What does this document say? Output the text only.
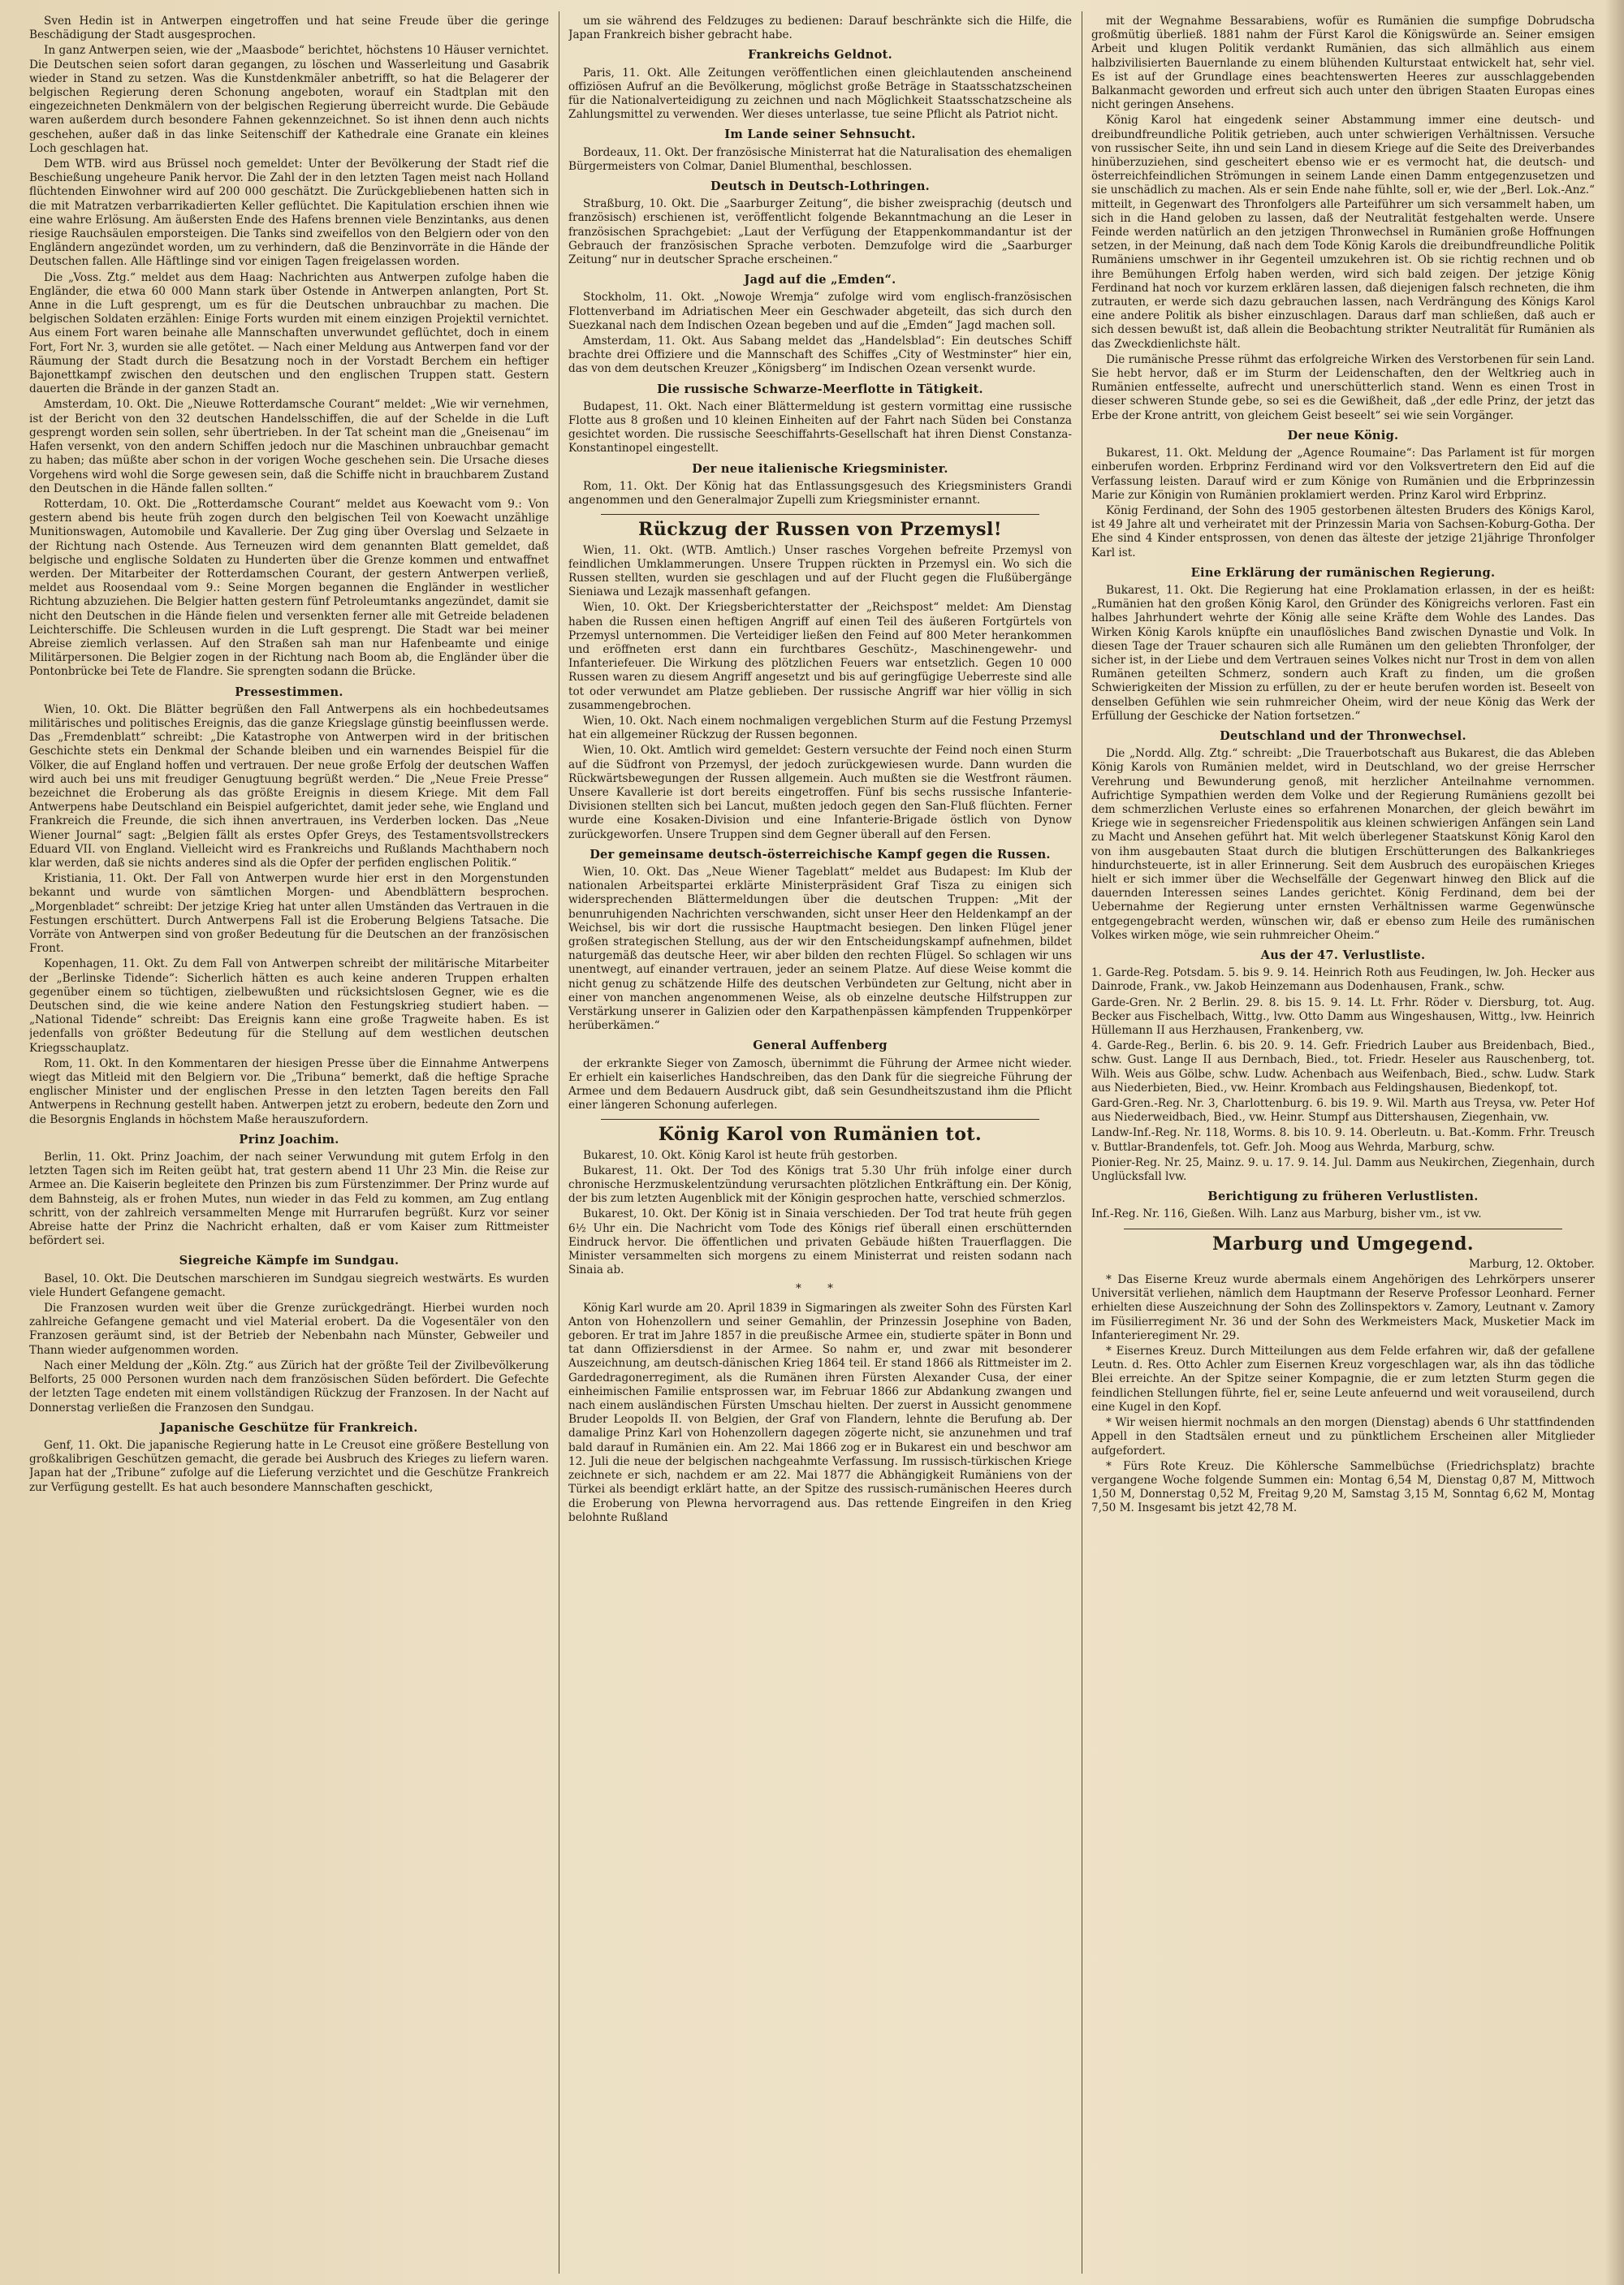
Sven Hedin ist in Antwerpen eingetroffen und hat seine Freude über die geringe Beschädigung der Stadt ausgesprochen.

In ganz Antwerpen seien, wie der „Maasbode“ berichtet, höchstens 10 Häuser vernichtet. Die Deutschen seien sofort daran gegangen, zu löschen und Wasserleitung und Gasabrik wieder in Stand zu setzen. Was die Kunstdenkmäler anbetrifft, so hat die Belagerer der belgischen Regierung deren Schonung angeboten, worauf ein Stadtplan mit den eingezeichneten Denkmälern von der belgischen Regierung überreicht wurde. Die Gebäude waren außerdem durch besondere Fahnen gekennzeichnet. So ist ihnen denn auch nichts geschehen, außer daß in das linke Seitenschiff der Kathedrale eine Granate ein kleines Loch geschlagen hat.

Dem WTB. wird aus Brüssel noch gemeldet: Unter der Bevölkerung der Stadt rief die Beschießung ungeheure Panik hervor. Die Zahl der in den letzten Tagen meist nach Holland flüchtenden Einwohner wird auf 200 000 geschätzt. Die Zurückgebliebenen hatten sich in die mit Matratzen verbarrikadierten Keller geflüchtet. Die Kapitulation erschien ihnen wie eine wahre Erlösung. Am äußersten Ende des Hafens brennen viele Benzintanks, aus denen riesige Rauchsäulen emporsteigen. Die Tanks sind zweifellos von den Belgiern oder von den Engländern angezündet worden, um zu verhindern, daß die Benzinvorräte in die Hände der Deutschen fallen. Alle Häftlinge sind vor einigen Tagen freigelassen worden.

Die „Voss. Ztg.“ meldet aus dem Haag: Nachrichten aus Antwerpen zufolge haben die Engländer, die etwa 60 000 Mann stark über Ostende in Antwerpen anlangten, Port St. Anne in die Luft gesprengt, um es für die Deutschen unbrauchbar zu machen. Die belgischen Soldaten erzählen: Einige Forts wurden mit einem einzigen Projektil vernichtet. Aus einem Fort waren beinahe alle Mannschaften unverwundet geflüchtet, doch in einem Fort, Fort Nr. 3, wurden sie alle getötet. — Nach einer Meldung aus Antwerpen fand vor der Räumung der Stadt durch die Besatzung noch in der Vorstadt Berchem ein heftiger Bajonettkampf zwischen den deutschen und den englischen Truppen statt. Gestern dauerten die Brände in der ganzen Stadt an.

Amsterdam, 10. Okt. Die „Nieuwe Rotterdamsche Courant“ meldet: „Wie wir vernehmen, ist der Bericht von den 32 deutschen Handelsschiffen, die auf der Schelde in die Luft gesprengt worden sein sollen, sehr übertrieben. In der Tat scheint man die „Gneisenau“ im Hafen versenkt, von den andern Schiffen jedoch nur die Maschinen unbrauchbar gemacht zu haben; das müßte aber schon in der vorigen Woche geschehen sein. Die Ursache dieses Vorgehens wird wohl die Sorge gewesen sein, daß die Schiffe nicht in brauchbarem Zustand den Deutschen in die Hände fallen sollten.“

Rotterdam, 10. Okt. Die „Rotterdamsche Courant“ meldet aus Koewacht vom 9.: Von gestern abend bis heute früh zogen durch den belgischen Teil von Koewacht unzählige Munitionswagen, Automobile und Kavallerie. Der Zug ging über Overslag und Selzaete in der Richtung nach Ostende. Aus Terneuzen wird dem genannten Blatt gemeldet, daß belgische und englische Soldaten zu Hunderten über die Grenze kommen und entwaffnet werden. Der Mitarbeiter der Rotterdamschen Courant, der gestern Antwerpen verließ, meldet aus Roosendaal vom 9.: Seine Morgen begannen die Engländer in westlicher Richtung abzuziehen. Die Belgier hatten gestern fünf Petroleumtanks angezündet, damit sie nicht den Deutschen in die Hände fielen und versenkten ferner alle mit Getreide beladenen Leichterschiffe. Die Schleusen wurden in die Luft gesprengt. Die Stadt war bei meiner Abreise ziemlich verlassen. Auf den Straßen sah man nur Hafenbeamte und einige Militärpersonen. Die Belgier zogen in der Richtung nach Boom ab, die Engländer über die Pontonbrücke bei Tete de Flandre. Sie sprengten sodann die Brücke.

Pressestimmen.

Wien, 10. Okt. Die Blätter begrüßen den Fall Antwerpens als ein hochbedeutsames militärisches und politisches Ereignis, das die ganze Kriegslage günstig beeinflussen werde. Das „Fremdenblatt“ schreibt: „Die Katastrophe von Antwerpen wird in der britischen Geschichte stets ein Denkmal der Schande bleiben und ein warnendes Beispiel für die Völker, die auf England hoffen und vertrauen. Der neue große Erfolg der deutschen Waffen wird auch bei uns mit freudiger Genugtuung begrüßt werden.“ Die „Neue Freie Presse“ bezeichnet die Eroberung als das größte Ereignis in diesem Kriege. Mit dem Fall Antwerpens habe Deutschland ein Beispiel aufgerichtet, damit jeder sehe, wie England und Frankreich die Freunde, die sich ihnen anvertrauen, ins Verderben locken. Das „Neue Wiener Journal“ sagt: „Belgien fällt als erstes Opfer Greys, des Testamentsvollstreckers Eduard VII. von England. Vielleicht wird es Frankreichs und Rußlands Machthabern noch klar werden, daß sie nichts anderes sind als die Opfer der perfiden englischen Politik.“

Kristiania, 11. Okt. Der Fall von Antwerpen wurde hier erst in den Morgenstunden bekannt und wurde von sämtlichen Morgen- und Abendblättern besprochen. „Morgenbladet“ schreibt: Der jetzige Krieg hat unter allen Umständen das Vertrauen in die Festungen erschüttert. Durch Antwerpens Fall ist die Eroberung Belgiens Tatsache. Die Vorräte von Antwerpen sind von großer Bedeutung für die Deutschen an der französischen Front.

Kopenhagen, 11. Okt. Zu dem Fall von Antwerpen schreibt der militärische Mitarbeiter der „Berlinske Tidende“: Sicherlich hätten es auch keine anderen Truppen erhalten gegenüber einem so tüchtigen, zielbewußten und rücksichtslosen Gegner, wie es die Deutschen sind, die wie keine andere Nation den Festungskrieg studiert haben. — „National Tidende“ schreibt: Das Ereignis kann eine große Tragweite haben. Es ist jedenfalls von größter Bedeutung für die Stellung auf dem westlichen deutschen Kriegsschauplatz.

Rom, 11. Okt. In den Kommentaren der hiesigen Presse über die Einnahme Antwerpens wiegt das Mitleid mit den Belgiern vor. Die „Tribuna“ bemerkt, daß die heftige Sprache englischer Minister und der englischen Presse in den letzten Tagen bereits den Fall Antwerpens in Rechnung gestellt haben. Antwerpen jetzt zu erobern, bedeute den Zorn und die Besorgnis Englands in höchstem Maße herauszufordern.

Prinz Joachim.

Berlin, 11. Okt. Prinz Joachim, der nach seiner Verwundung mit gutem Erfolg in den letzten Tagen sich im Reiten geübt hat, trat gestern abend 11 Uhr 23 Min. die Reise zur Armee an. Die Kaiserin begleitete den Prinzen bis zum Fürstenzimmer. Der Prinz wurde auf dem Bahnsteig, als er frohen Mutes, nun wieder in das Feld zu kommen, am Zug entlang schritt, von der zahlreich versammelten Menge mit Hurrarufen begrüßt. Kurz vor seiner Abreise hatte der Prinz die Nachricht erhalten, daß er vom Kaiser zum Rittmeister befördert sei.

Siegreiche Kämpfe im Sundgau.

Basel, 10. Okt. Die Deutschen marschieren im Sundgau siegreich westwärts. Es wurden viele Hundert Gefangene gemacht.

Die Franzosen wurden weit über die Grenze zurückgedrängt. Hierbei wurden noch zahlreiche Gefangene gemacht und viel Material erobert. Da die Vogesentäler von den Franzosen geräumt sind, ist der Betrieb der Nebenbahn nach Münster, Gebweiler und Thann wieder aufgenommen worden.

Nach einer Meldung der „Köln. Ztg.“ aus Zürich hat der größte Teil der Zivilbevölkerung Belforts, 25 000 Personen wurden nach dem französischen Süden befördert. Die Gefechte der letzten Tage endeten mit einem vollständigen Rückzug der Franzosen. In der Nacht auf Donnerstag verließen die Franzosen den Sundgau.

Japanische Geschütze für Frankreich.

Genf, 11. Okt. Die japanische Regierung hatte in Le Creusot eine größere Bestellung von großkalibrigen Geschützen gemacht, die gerade bei Ausbruch des Krieges zu liefern waren. Japan hat der „Tribune“ zufolge auf die Lieferung verzichtet und die Geschütze Frankreich zur Verfügung gestellt. Es hat auch besondere Mannschaften geschickt,

um sie während des Feldzuges zu bedienen: Darauf beschränkte sich die Hilfe, die Japan Frankreich bisher gebracht habe.

Frankreichs Geldnot.

Paris, 11. Okt. Alle Zeitungen veröffentlichen einen gleichlautenden anscheinend offiziösen Aufruf an die Bevölkerung, möglichst große Beträge in Staatsschatzscheinen für die Nationalverteidigung zu zeichnen und nach Möglichkeit Staatsschatzscheine als Zahlungsmittel zu verwenden. Wer dieses unterlasse, tue seine Pflicht als Patriot nicht.

Im Lande seiner Sehnsucht.

Bordeaux, 11. Okt. Der französische Ministerrat hat die Naturalisation des ehemaligen Bürgermeisters von Colmar, Daniel Blumenthal, beschlossen.

Deutsch in Deutsch-Lothringen.

Straßburg, 10. Okt. Die „Saarburger Zeitung“, die bisher zweisprachig (deutsch und französisch) erschienen ist, veröffentlicht folgende Bekanntmachung an die Leser in französischen Sprachgebiet: „Laut der Verfügung der Etappenkommandantur ist der Gebrauch der französischen Sprache verboten. Demzufolge wird die „Saarburger Zeitung“ nur in deutscher Sprache erscheinen.“

Jagd auf die „Emden“.

Stockholm, 11. Okt. „Nowoje Wremja“ zufolge wird vom englisch-französischen Flottenverband im Adriatischen Meer ein Geschwader abgeteilt, das sich durch den Suezkanal nach dem Indischen Ozean begeben und auf die „Emden“ Jagd machen soll.

Amsterdam, 11. Okt. Aus Sabang meldet das „Handelsblad“: Ein deutsches Schiff brachte drei Offiziere und die Mannschaft des Schiffes „City of Westminster“ hier ein, das von dem deutschen Kreuzer „Königsberg“ im Indischen Ozean versenkt wurde.

Die russische Schwarze-Meerflotte in Tätigkeit.

Budapest, 11. Okt. Nach einer Blättermeldung ist gestern vormittag eine russische Flotte aus 8 großen und 10 kleinen Einheiten auf der Fahrt nach Süden bei Constanza gesichtet worden. Die russische Seeschiffahrts-Gesellschaft hat ihren Dienst Constanza-Konstantinopel eingestellt.

Der neue italienische Kriegsminister.

Rom, 11. Okt. Der König hat das Entlassungsgesuch des Kriegsministers Grandi angenommen und den Generalmajor Zupelli zum Kriegsminister ernannt.

Rückzug der Russen von Przemysl!

Wien, 11. Okt. (WTB. Amtlich.) Unser rasches Vorgehen befreite Przemysl von feindlichen Umklammerungen. Unsere Truppen rückten in Przemysl ein. Wo sich die Russen stellten, wurden sie geschlagen und auf der Flucht gegen die Flußübergänge Sieniawa und Lezajk massenhaft gefangen.

Wien, 10. Okt. Der Kriegsberichterstatter der „Reichspost“ meldet: Am Dienstag haben die Russen einen heftigen Angriff auf einen Teil des äußeren Fortgürtels von Przemysl unternommen. Die Verteidiger ließen den Feind auf 800 Meter herankommen und eröffneten erst dann ein furchtbares Geschütz-, Maschinengewehr- und Infanteriefeuer. Die Wirkung des plötzlichen Feuers war entsetzlich. Gegen 10 000 Russen waren zu diesem Angriff angesetzt und bis auf geringfügige Ueberreste sind alle tot oder verwundet am Platze geblieben. Der russische Angriff war hier völlig in sich zusammengebrochen.

Wien, 10. Okt. Nach einem nochmaligen vergeblichen Sturm auf die Festung Przemysl hat ein allgemeiner Rückzug der Russen begonnen.

Wien, 10. Okt. Amtlich wird gemeldet: Gestern versuchte der Feind noch einen Sturm auf die Südfront von Przemysl, der jedoch zurückgewiesen wurde. Dann wurden die Rückwärtsbewegungen der Russen allgemein. Auch mußten sie die Westfront räumen. Unsere Kavallerie ist dort bereits eingetroffen. Fünf bis sechs russische Infanterie-Divisionen stellten sich bei Lancut, mußten jedoch gegen den San-Fluß flüchten. Ferner wurde eine Kosaken-Division und eine Infanterie-Brigade östlich von Dynow zurückgeworfen. Unsere Truppen sind dem Gegner überall auf den Fersen.

Der gemeinsame deutsch-österreichische Kampf gegen die Russen.

Wien, 10. Okt. Das „Neue Wiener Tageblatt“ meldet aus Budapest: Im Klub der nationalen Arbeitspartei erklärte Ministerpräsident Graf Tisza zu einigen sich widersprechenden Blättermeldungen über die deutschen Truppen: „Mit der benunruhigenden Nachrichten verschwanden, sicht unser Heer den Heldenkampf an der Weichsel, bis wir dort die russische Hauptmacht besiegen. Den linken Flügel jener großen strategischen Stellung, aus der wir den Entscheidungskampf aufnehmen, bildet naturgemäß das deutsche Heer, wir aber bilden den rechten Flügel. So schlagen wir uns unentwegt, auf einander vertrauen, jeder an seinem Platze. Auf diese Weise kommt die nicht genug zu schätzende Hilfe des deutschen Verbündeten zur Geltung, nicht aber in einer von manchen angenommenen Weise, als ob einzelne deutsche Hilfstruppen zur Verstärkung unserer in Galizien oder den Karpathenpässen kämpfenden Truppenkörper herüberkämen.“

General Auffenberg

der erkrankte Sieger von Zamosch, übernimmt die Führung der Armee nicht wieder. Er erhielt ein kaiserliches Handschreiben, das den Dank für die siegreiche Führung der Armee und dem Bedauern Ausdruck gibt, daß sein Gesundheitszustand ihm die Pflicht einer längeren Schonung auferlegen.

König Karol von Rumänien tot.

Bukarest, 10. Okt. König Karol ist heute früh gestorben.

Bukarest, 11. Okt. Der Tod des Königs trat 5.30 Uhr früh infolge einer durch chronische Herzmuskelentzündung verursachten plötzlichen Entkräftung ein. Der König, der bis zum letzten Augenblick mit der Königin gesprochen hatte, verschied schmerzlos.

Bukarest, 10. Okt. Der König ist in Sinaia verschieden. Der Tod trat heute früh gegen 6½ Uhr ein. Die Nachricht vom Tode des Königs rief überall einen erschütternden Eindruck hervor. Die öffentlichen und privaten Gebäude hißten Trauerflaggen. Die Minister versammelten sich morgens zu einem Ministerrat und reisten sodann nach Sinaia ab.

* *

König Karl wurde am 20. April 1839 in Sigmaringen als zweiter Sohn des Fürsten Karl Anton von Hohenzollern und seiner Gemahlin, der Prinzessin Josephine von Baden, geboren. Er trat im Jahre 1857 in die preußische Armee ein, studierte später in Bonn und tat dann Offiziersdienst in der Armee. So nahm er, und zwar mit besonderer Auszeichnung, am deutsch-dänischen Krieg 1864 teil. Er stand 1866 als Rittmeister im 2. Gardedragonerregiment, als die Rumänen ihren Fürsten Alexander Cusa, der einer einheimischen Familie entsprossen war, im Februar 1866 zur Abdankung zwangen und nach einem ausländischen Fürsten Umschau hielten. Der zuerst in Aussicht genommene Bruder Leopolds II. von Belgien, der Graf von Flandern, lehnte die Berufung ab. Der damalige Prinz Karl von Hohenzollern dagegen zögerte nicht, sie anzunehmen und traf bald darauf in Rumänien ein. Am 22. Mai 1866 zog er in Bukarest ein und beschwor am 12. Juli die neue der belgischen nachgeahmte Verfassung. Im russisch-türkischen Kriege zeichnete er sich, nachdem er am 22. Mai 1877 die Abhängigkeit Rumäniens von der Türkei als beendigt erklärt hatte, an der Spitze des russisch-rumänischen Heeres durch die Eroberung von Plewna hervorragend aus. Das rettende Eingreifen in den Krieg belohnte Rußland

mit der Wegnahme Bessarabiens, wofür es Rumänien die sumpfige Dobrudscha großmütig überließ. 1881 nahm der Fürst Karol die Königswürde an. Seiner emsigen Arbeit und klugen Politik verdankt Rumänien, das sich allmählich aus einem halbzivilisierten Bauernlande zu einem blühenden Kulturstaat entwickelt hat, sehr viel. Es ist auf der Grundlage eines beachtenswerten Heeres zur ausschlaggebenden Balkanmacht geworden und erfreut sich auch unter den übrigen Staaten Europas eines nicht geringen Ansehens.

König Karol hat eingedenk seiner Abstammung immer eine deutsch- und dreibundfreundliche Politik getrieben, auch unter schwierigen Verhältnissen. Versuche von russischer Seite, ihn und sein Land in diesem Kriege auf die Seite des Dreiverbandes hinüberzuziehen, sind gescheitert ebenso wie er es vermocht hat, die deutsch- und österreichfeindlichen Strömungen in seinem Lande einen Damm entgegenzusetzen und sie unschädlich zu machen. Als er sein Ende nahe fühlte, soll er, wie der „Berl. Lok.-Anz.“ mitteilt, in Gegenwart des Thronfolgers alle Parteiführer um sich versammelt haben, um sich in die Hand geloben zu lassen, daß der Neutralität festgehalten werde. Unsere Feinde werden natürlich an den jetzigen Thronwechsel in Rumänien große Hoffnungen setzen, in der Meinung, daß nach dem Tode König Karols die dreibundfreundliche Politik Rumäniens umschwer in ihr Gegenteil umzukehren ist. Ob sie richtig rechnen und ob ihre Bemühungen Erfolg haben werden, wird sich bald zeigen. Der jetzige König Ferdinand hat noch vor kurzem erklären lassen, daß diejenigen falsch rechneten, die ihm zutrauten, er werde sich dazu gebrauchen lassen, nach Verdrängung des Königs Karol eine andere Politik als bisher einzuschlagen. Daraus darf man schließen, daß auch er sich dessen bewußt ist, daß allein die Beobachtung strikter Neutralität für Rumänien als das Zweckdienlichste hält.

Die rumänische Presse rühmt das erfolgreiche Wirken des Verstorbenen für sein Land. Sie hebt hervor, daß er im Sturm der Leidenschaften, den der Weltkrieg auch in Rumänien entfesselte, aufrecht und unerschütterlich stand. Wenn es einen Trost in dieser schweren Stunde gebe, so sei es die Gewißheit, daß „der edle Prinz, der jetzt das Erbe der Krone antritt, von gleichem Geist beseelt“ sei wie sein Vorgänger.

Der neue König.

Bukarest, 11. Okt. Meldung der „Agence Roumaine“: Das Parlament ist für morgen einberufen worden. Erbprinz Ferdinand wird vor den Volksvertretern den Eid auf die Verfassung leisten. Darauf wird er zum Könige von Rumänien und die Erbprinzessin Marie zur Königin von Rumänien proklamiert werden. Prinz Karol wird Erbprinz.

König Ferdinand, der Sohn des 1905 gestorbenen ältesten Bruders des Königs Karol, ist 49 Jahre alt und verheiratet mit der Prinzessin Maria von Sachsen-Koburg-Gotha. Der Ehe sind 4 Kinder entsprossen, von denen das älteste der jetzige 21jährige Thronfolger Karl ist.

Eine Erklärung der rumänischen Regierung.

Bukarest, 11. Okt. Die Regierung hat eine Proklamation erlassen, in der es heißt: „Rumänien hat den großen König Karol, den Gründer des Königreichs verloren. Fast ein halbes Jahrhundert wehrte der König alle seine Kräfte dem Wohle des Landes. Das Wirken König Karols knüpfte ein unauflösliches Band zwischen Dynastie und Volk. In diesen Tage der Trauer schauren sich alle Rumänen um den geliebten Thronfolger, der sicher ist, in der Liebe und dem Vertrauen seines Volkes nicht nur Trost in dem von allen Rumänen geteilten Schmerz, sondern auch Kraft zu finden, um die großen Schwierigkeiten der Mission zu erfüllen, zu der er heute berufen worden ist. Beseelt von denselben Gefühlen wie sein ruhmreicher Oheim, wird der neue König das Werk der Erfüllung der Geschicke der Nation fortsetzen.“

Deutschland und der Thronwechsel.

Die „Nordd. Allg. Ztg.“ schreibt: „Die Trauerbotschaft aus Bukarest, die das Ableben König Karols von Rumänien meldet, wird in Deutschland, wo der greise Herrscher Verehrung und Bewunderung genoß, mit herzlicher Anteilnahme vernommen. Aufrichtige Sympathien werden dem Volke und der Regierung Rumäniens gezollt bei dem schmerzlichen Verluste eines so erfahrenen Monarchen, der gleich bewährt im Kriege wie in segensreicher Friedenspolitik aus kleinen schwierigen Anfängen sein Land zu Macht und Ansehen geführt hat. Mit welch überlegener Staatskunst König Karol den von ihm ausgebauten Staat durch die blutigen Erschütterungen des Balkankrieges hindurchsteuerte, ist in aller Erinnerung. Seit dem Ausbruch des europäischen Krieges hielt er sich immer über die Wechselfälle der Gegenwart hinweg den Blick auf die dauernden Interessen seines Landes gerichtet. König Ferdinand, dem bei der Uebernahme der Regierung unter ernsten Verhältnissen warme Gegenwünsche entgegengebracht werden, wünschen wir, daß er ebenso zum Heile des rumänischen Volkes wirken möge, wie sein ruhmreicher Oheim.“

Aus der 47. Verlustliste.

1. Garde-Reg. Potsdam. 5. bis 9. 9. 14. Heinrich Roth aus Feudingen, lw. Joh. Hecker aus Dainrode, Frank., vw. Jakob Heinzemann aus Dodenhausen, Frank., schw.

Garde-Gren. Nr. 2 Berlin. 29. 8. bis 15. 9. 14. Lt. Frhr. Röder v. Diersburg, tot. Aug. Becker aus Fischelbach, Wittg., lvw. Otto Damm aus Wingeshausen, Wittg., lvw. Heinrich Hüllemann II aus Herzhausen, Frankenberg, vw.

4. Garde-Reg., Berlin. 6. bis 20. 9. 14. Gefr. Friedrich Lauber aus Breidenbach, Bied., schw. Gust. Lange II aus Dernbach, Bied., tot. Friedr. Heseler aus Rauschenberg, tot. Wilh. Weis aus Gölbe, schw. Ludw. Achenbach aus Weifenbach, Bied., schw. Ludw. Stark aus Niederbieten, Bied., vw. Heinr. Krombach aus Feldingshausen, Biedenkopf, tot.

Gard-Gren.-Reg. Nr. 3, Charlottenburg. 6. bis 19. 9. Wil. Marth aus Treysa, vw. Peter Hof aus Niederweidbach, Bied., vw. Heinr. Stumpf aus Dittershausen, Ziegenhain, vw.

Landw-Inf.-Reg. Nr. 118, Worms. 8. bis 10. 9. 14. Oberleutn. u. Bat.-Komm. Frhr. Treusch v. Buttlar-Brandenfels, tot. Gefr. Joh. Moog aus Wehrda, Marburg, schw.

Pionier-Reg. Nr. 25, Mainz. 9. u. 17. 9. 14. Jul. Damm aus Neukirchen, Ziegenhain, durch Unglücksfall lvw.

Berichtigung zu früheren Verlustlisten.

Inf.-Reg. Nr. 116, Gießen. Wilh. Lanz aus Marburg, bisher vm., ist vw.

Marburg und Umgegend.

Marburg, 12. Oktober.

* Das Eiserne Kreuz wurde abermals einem Angehörigen des Lehrkörpers unserer Universität verliehen, nämlich dem Hauptmann der Reserve Professor Leonhard. Ferner erhielten diese Auszeichnung der Sohn des Zollinspektors v. Zamory, Leutnant v. Zamory im Füsilierregiment Nr. 36 und der Sohn des Werkmeisters Mack, Musketier Mack im Infanterieregiment Nr. 29.

* Eisernes Kreuz. Durch Mitteilungen aus dem Felde erfahren wir, daß der gefallene Leutn. d. Res. Otto Achler zum Eisernen Kreuz vorgeschlagen war, als ihn das tödliche Blei erreichte. An der Spitze seiner Kompagnie, die er zum letzten Sturm gegen die feindlichen Stellungen führte, fiel er, seine Leute anfeuernd und weit vorauseilend, durch eine Kugel in den Kopf.

* Wir weisen hiermit nochmals an den morgen (Dienstag) abends 6 Uhr stattfindenden Appell in den Stadtsälen erneut und zu pünktlichem Erscheinen aller Mitglieder aufgefordert.

* Fürs Rote Kreuz. Die Köhlersche Sammelbüchse (Friedrichsplatz) brachte vergangene Woche folgende Summen ein: Montag 6,54 M, Dienstag 0,87 M, Mittwoch 1,50 M, Donnerstag 0,52 M, Freitag 9,20 M, Samstag 3,15 M, Sonntag 6,62 M, Montag 7,50 M. Insgesamt bis jetzt 42,78 M.
